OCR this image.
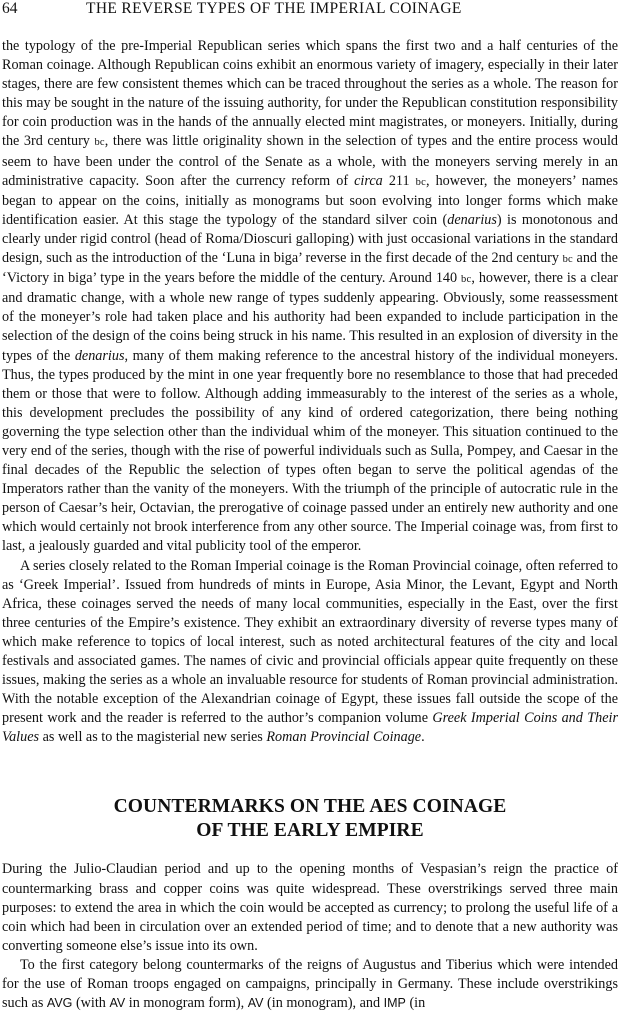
64	THE REVERSE TYPES OF THE IMPERIAL COINAGE

the typology of the pre-Imperial Republican series which spans the first two and a half centuries of the Roman coinage. Although Republican coins exhibit an enormous variety of imagery, especially in their later stages, there are few consistent themes which can be traced throughout the series as a whole. The reason for this may be sought in the nature of the issuing authority, for under the Republican constitution responsibility for coin production was in the hands of the annually elected mint magistrates, or moneyers. Initially, during the 3rd century bc, there was little originality shown in the selection of types and the entire process would seem to have been under the control of the Senate as a whole, with the moneyers serving merely in an administrative capacity. Soon after the currency reform of circa 211 bc, however, the moneyers’ names began to appear on the coins, initially as monograms but soon evolving into longer forms which make identification easier. At this stage the typology of the standard silver coin (denarius) is monotonous and clearly under rigid control (head of Roma/Dioscuri galloping) with just occasional variations in the standard design, such as the introduction of the ‘Luna in biga’ reverse in the first decade of the 2nd century bc and the ‘Victory in biga’ type in the years before the middle of the century. Around 140 bc, however, there is a clear and dramatic change, with a whole new range of types suddenly appearing. Obviously, some reassessment of the moneyer’s role had taken place and his authority had been expanded to include participation in the selection of the design of the coins being struck in his name. This resulted in an explosion of diversity in the types of the denarius, many of them making reference to the ancestral history of the individual moneyers. Thus, the types produced by the mint in one year frequently bore no resemblance to those that had preceded them or those that were to follow. Although adding immeasurably to the interest of the series as a whole, this development precludes the possibility of any kind of ordered categorization, there being nothing governing the type selection other than the individual whim of the moneyer. This situation continued to the very end of the series, though with the rise of powerful individuals such as Sulla, Pompey, and Caesar in the final decades of the Republic the selection of types often began to serve the political agendas of the Imperators rather than the vanity of the moneyers. With the triumph of the principle of autocratic rule in the person of Caesar’s heir, Octavian, the prerogative of coinage passed under an entirely new authority and one which would certainly not brook interference from any other source. The Imperial coinage was, from first to last, a jealously guarded and vital publicity tool of the emperor.

A series closely related to the Roman Imperial coinage is the Roman Provincial coinage, often referred to as ‘Greek Imperial’. Issued from hundreds of mints in Europe, Asia Minor, the Levant, Egypt and North Africa, these coinages served the needs of many local communities, especially in the East, over the first three centuries of the Empire’s existence. They exhibit an extraordinary diversity of reverse types many of which make reference to topics of local interest, such as noted architectural features of the city and local festivals and associated games. The names of civic and provincial officials appear quite frequently on these issues, making the series as a whole an invaluable resource for students of Roman provincial administration. With the notable exception of the Alexandrian coinage of Egypt, these issues fall outside the scope of the present work and the reader is referred to the author’s companion volume Greek Imperial Coins and Their Values as well as to the magisterial new series Roman Provincial Coinage.

COUNTERMARKS ON THE AES COINAGE
OF THE EARLY EMPIRE

During the Julio-Claudian period and up to the opening months of Vespasian’s reign the practice of countermarking brass and copper coins was quite widespread. These overstrikings served three main purposes: to extend the area in which the coin would be accepted as currency; to prolong the useful life of a coin which had been in circulation over an extended period of time; and to denote that a new authority was converting someone else’s issue into its own.

To the first category belong countermarks of the reigns of Augustus and Tiberius which were intended for the use of Roman troops engaged on campaigns, principally in Germany. These include overstrikings such as AVG (with AV in monogram form), AV (in monogram), and IMP (in
